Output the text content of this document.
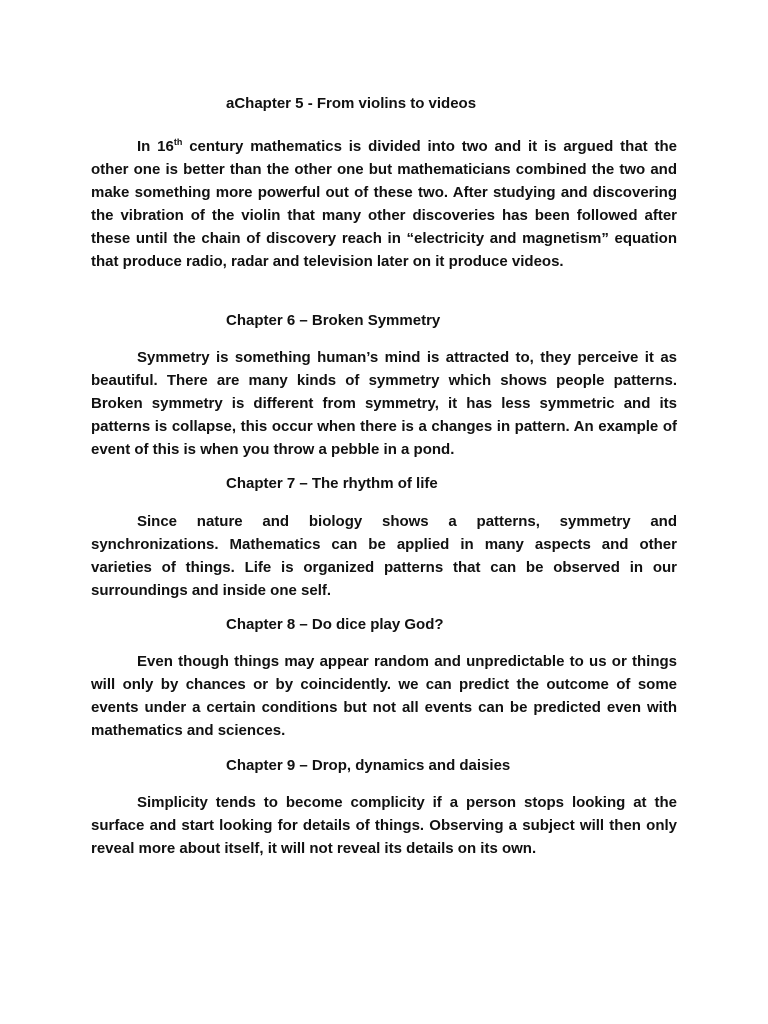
aChapter 5 - From violins to videos

In 16th century mathematics is divided into two and it is argued that the other one is better than the other one but mathematicians combined the two and make something more powerful out of these two. After studying and discovering the vibration of the violin that many other discoveries has been followed after these until the chain of discovery reach in “electricity and magnetism” equation that produce radio, radar and television later on it produce videos.

Chapter 6 – Broken Symmetry

Symmetry is something human’s mind is attracted to, they perceive it as beautiful. There are many kinds of symmetry which shows people patterns. Broken symmetry is different from symmetry, it has less symmetric and its patterns is collapse, this occur when there is a changes in pattern. An example of event of this is when you throw a pebble in a pond.

Chapter 7 – The rhythm of life

Since nature and biology shows a patterns, symmetry and synchronizations. Mathematics can be applied in many aspects and other varieties of things. Life is organized patterns that can be observed in our surroundings and inside one self.

Chapter 8 – Do dice play God?

Even though things may appear random and unpredictable to us or things will only by chances or by coincidently. we can predict the outcome of some events under a certain conditions but not all events can be predicted even with mathematics and sciences.

Chapter 9 – Drop, dynamics and daisies

Simplicity tends to become complicity if a person stops looking at the surface and start looking for details of things. Observing a subject will then only reveal more about itself, it will not reveal its details on its own.
